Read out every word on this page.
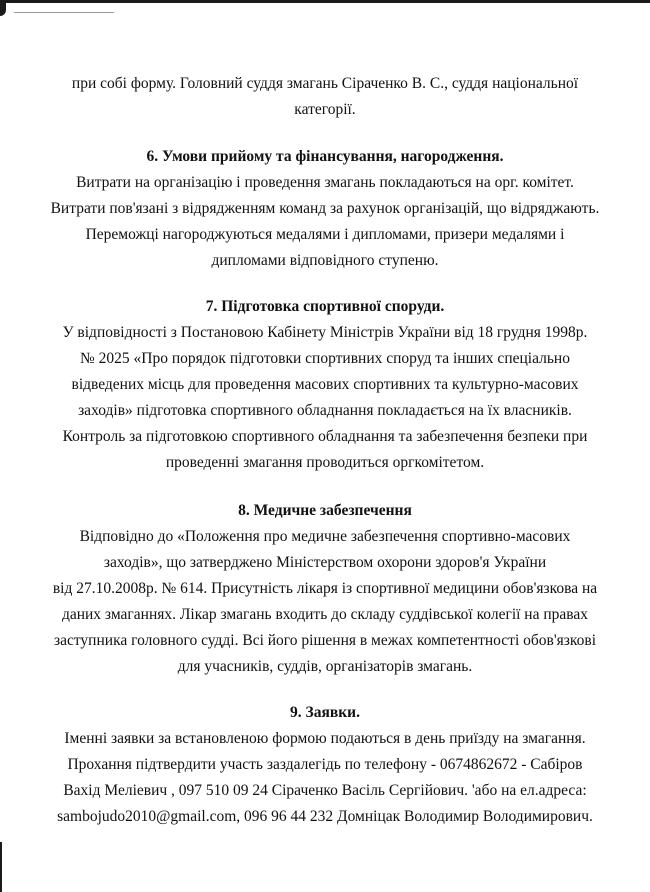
при собі форму. Головний суддя змагань Сіраченко В. С., суддя національної
категорії.
6. Умови прийому та фінансування, нагородження.
Витрати на організацію і проведення змагань покладаються на орг. комітет.
Витрати пов'язані з відрядженням команд за рахунок організацій, що відряджають.
Переможці нагороджуються медалями і дипломами, призери медалями і
дипломами відповідного ступеню.
7. Підготовка спортивної споруди.
У відповідності з Постановою Кабінету Міністрів України від 18 грудня 1998р.
№ 2025 «Про порядок підготовки спортивних споруд та інших спеціально
відведених місць для проведення масових спортивних та культурно-масових
заходів» підготовка спортивного обладнання покладається на їх власників.
Контроль за підготовкою спортивного обладнання та забезпечення безпеки при
проведенні змагання проводиться оргкомітетом.
8. Медичне забезпечення
Відповідно до «Положення про медичне забезпечення спортивно-масових
заходів», що затверджено Міністерством охорони здоров'я України
від 27.10.2008р. № 614. Присутність лікаря із спортивної медицини обов'язкова на
даних змаганнях. Лікар змагань входить до складу суддівської колегії на правах
заступника головного судді. Всі його рішення в межах компетентності обов'язкові
для учасників, суддів, організаторів змагань.
9. Заявки.
Іменні заявки за встановленою формою подаються в день приїзду на змагання.
Прохання підтвердити участь заздалегідь по телефону - 0674862672 - Сабіров
Вахід Меліевич , 097 510 09 24 Сіраченко Васіль Сергійович. 'або на ел.адреса:
sambojudo2010@gmail.com, 096 96 44 232 Домніцак Володимир Володимирович.
